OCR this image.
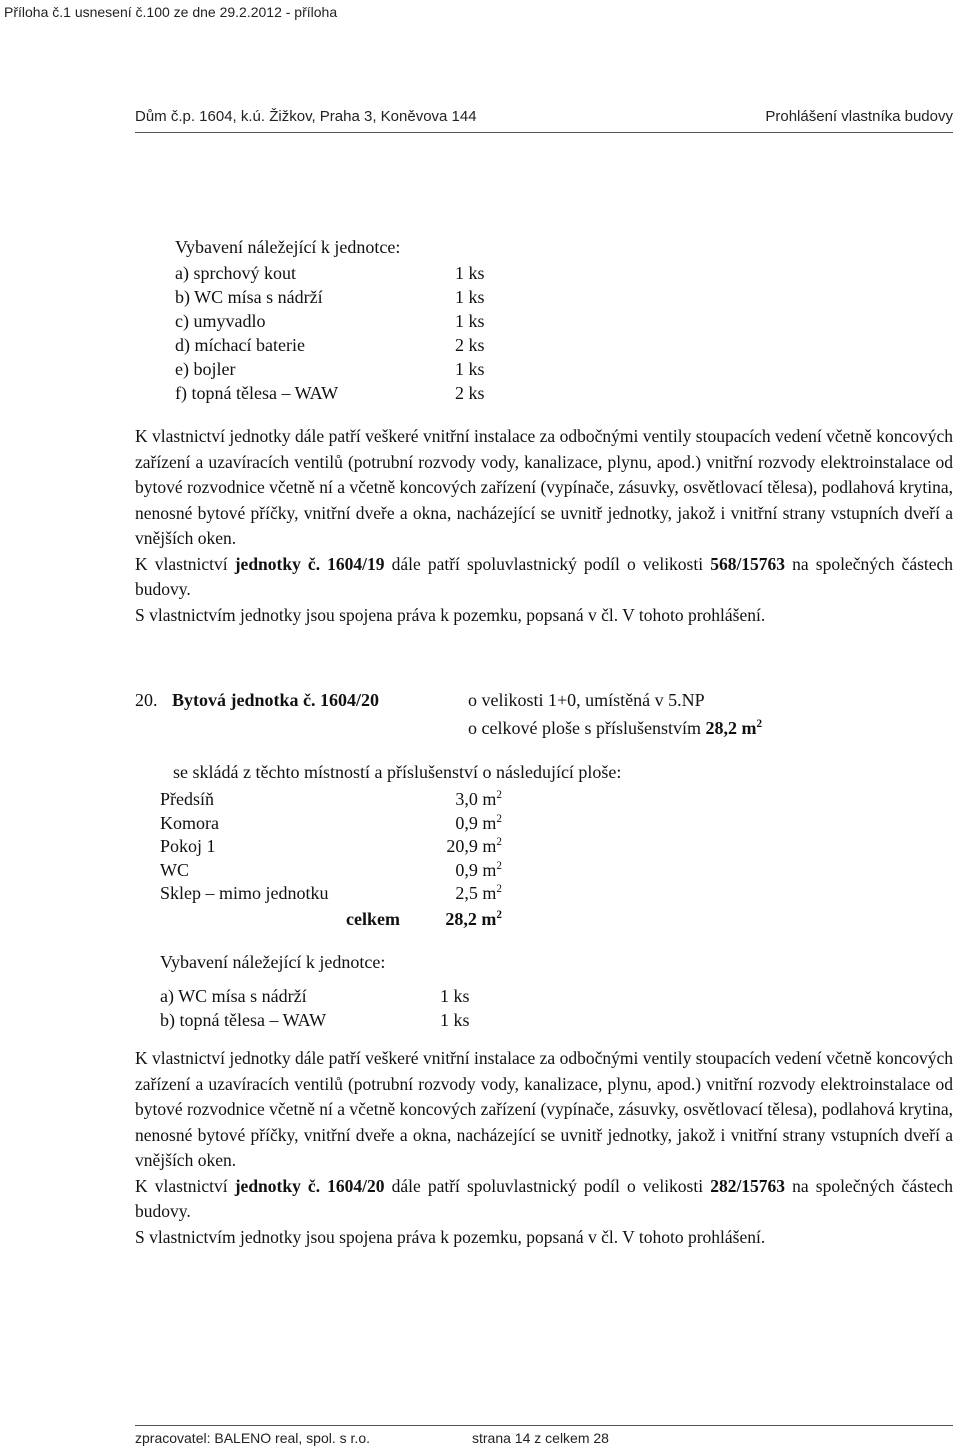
Příloha č.1 usnesení č.100 ze dne 29.2.2012 - příloha
Dům č.p. 1604, k.ú. Žižkov, Praha 3, Koněvova 144	Prohlášení vlastníka budovy
Vybavení náležející k jednotce:
a) sprchový kout	1 ks
b) WC mísa s nádrží	1 ks
c) umyvadlo	1 ks
d) míchací baterie	2 ks
e) bojler	1 ks
f) topná tělesa – WAW	2 ks

K vlastnictví jednotky dále patří veškeré vnitřní instalace za odbočnými ventily stoupacích vedení včetně koncových zařízení a uzavíracích ventilů (potrubní rozvody vody, kanalizace, plynu, apod.) vnitřní rozvody elektroinstalace od bytové rozvodnice včetně ní a včetně koncových zařízení (vypínače, zásuvky, osvětlovací tělesa), podlahová krytina, nenosné bytové příčky, vnitřní dveře a okna, nacházející se uvnitř jednotky, jakož i vnitřní strany vstupních dveří a vnějších oken.

K vlastnictví jednotky č. 1604/19 dále patří spoluvlastnický podíl o velikosti 568/15763 na společných částech budovy.

S vlastnictvím jednotky jsou spojena práva k pozemku, popsaná v čl. V tohoto prohlášení.

20. Bytová jednotka č. 1604/20	o velikosti 1+0, umístěná v 5.NP
o celkové ploše s příslušenstvím 28,2 $m^2$
se skládá z těchto místností a příslušenství o následující ploše:
Předsíň	3,0 $m^2$
Komora	0,9 $m^2$
Pokoj 1	20,9 $m^2$
WC	0,9 $m^2$
Sklep – mimo jednotku	2,5 $m^2$
celkem	28,2 $m^2$
Vybavení náležející k jednotce:
a) WC mísa s nádrží	1 ks
b) topná tělesa – WAW	1 ks

K vlastnictví jednotky dále patří veškeré vnitřní instalace za odbočnými ventily stoupacích vedení včetně koncových zařízení a uzavíracích ventilů (potrubní rozvody vody, kanalizace, plynu, apod.) vnitřní rozvody elektroinstalace od bytové rozvodnice včetně ní a včetně koncových zařízení (vypínače, zásuvky, osvětlovací tělesa), podlahová krytina, nenosné bytové příčky, vnitřní dveře a okna, nacházející se uvnitř jednotky, jakož i vnitřní strany vstupních dveří a vnějších oken.

K vlastnictví jednotky č. 1604/20 dále patří spoluvlastnický podíl o velikosti 282/15763 na společných částech budovy.

S vlastnictvím jednotky jsou spojena práva k pozemku, popsaná v čl. V tohoto prohlášení.

zpracovatel: BALENO real, spol. s r.o.	strana 14 z celkem 28
